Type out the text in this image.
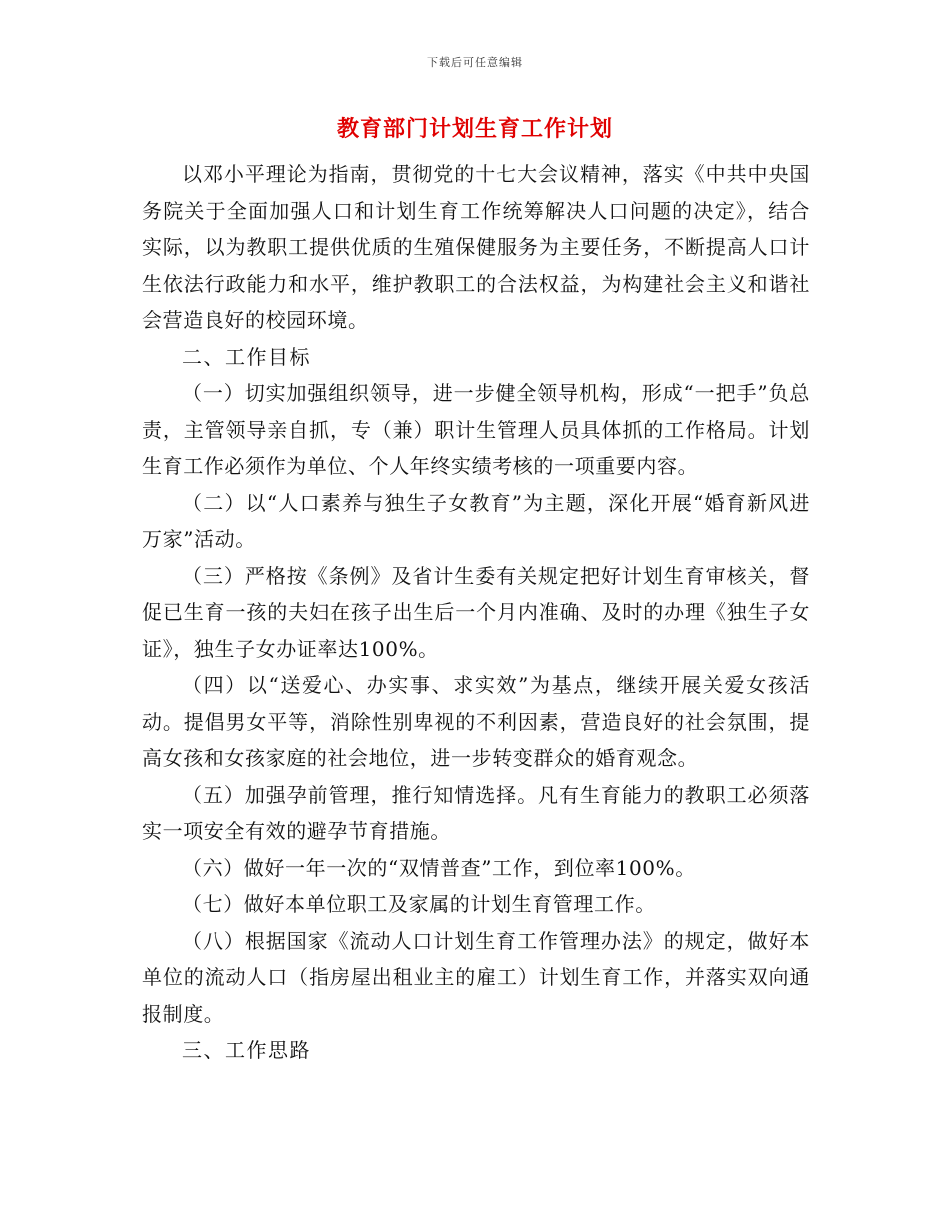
下载后可任意编辑
教育部门计划生育工作计划

以邓小平理论为指南，贯彻党的十七大会议精神，落实《中共中央国务院关于全面加强人口和计划生育工作统筹解决人口问题的决定》，结合实际，以为教职工提供优质的生殖保健服务为主要任务，不断提高人口计生依法行政能力和水平，维护教职工的合法权益，为构建社会主义和谐社会营造良好的校园环境。

二、工作目标

（一）切实加强组织领导，进一步健全领导机构，形成“一把手”负总责，主管领导亲自抓，专（兼）职计生管理人员具体抓的工作格局。计划生育工作必须作为单位、个人年终实绩考核的一项重要内容。

（二）以“人口素养与独生子女教育”为主题，深化开展“婚育新风进万家”活动。

（三）严格按《条例》及省计生委有关规定把好计划生育审核关，督促已生育一孩的夫妇在孩子出生后一个月内准确、及时的办理《独生子女证》，独生子女办证率达100%。

（四）以“送爱心、办实事、求实效”为基点，继续开展关爱女孩活动。提倡男女平等，消除性别卑视的不利因素，营造良好的社会氛围，提高女孩和女孩家庭的社会地位，进一步转变群众的婚育观念。

（五）加强孕前管理，推行知情选择。凡有生育能力的教职工必须落实一项安全有效的避孕节育措施。

（六）做好一年一次的“双情普查”工作，到位率100%。

（七）做好本单位职工及家属的计划生育管理工作。

（八）根据国家《流动人口计划生育工作管理办法》的规定，做好本单位的流动人口（指房屋出租业主的雇工）计划生育工作，并落实双向通报制度。

三、工作思路
